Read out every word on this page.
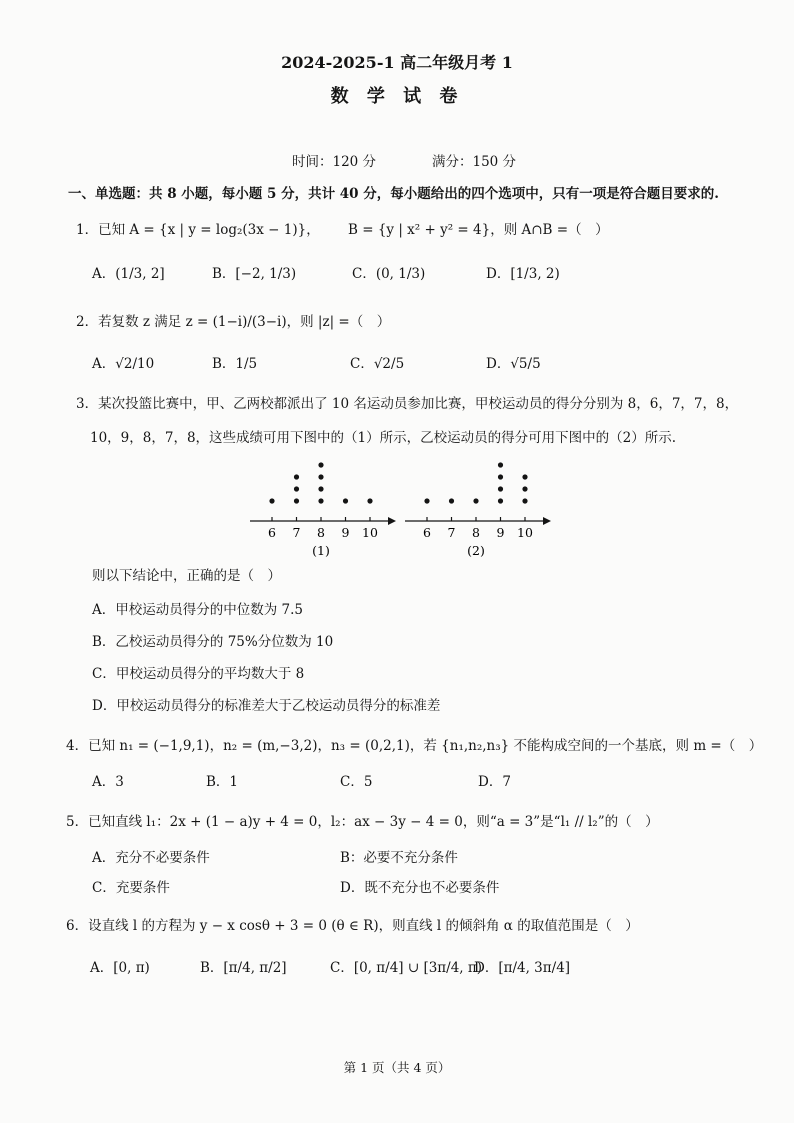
2024-2025-1 高二年级月考 1
数 学 试 卷
时间：120 分	满分：150 分
一、单选题：共 8 小题，每小题 5 分，共计 40 分，每小题给出的四个选项中，只有一项是符合题目要求的.
1．已知 A = {x | y = log₂(3x − 1)}， B = {y | x² + y² = 4}，则 A∩B =（　）
A．(1/3, 2]	B．[−2, 1/3)	C．(0, 1/3)	D．[1/3, 2)
2．若复数 z 满足 z = (1−i)/(3−i)，则 |z| =（　）
A．√2/10	B．1/5	C．√2/5	D．√5/5
3．某次投篮比赛中，甲、乙两校都派出了 10 名运动员参加比赛，甲校运动员的得分分别为 8，6，7，7，8，
10，9，8，7，8，这些成绩可用下图中的（1）所示，乙校运动员的得分可用下图中的（2）所示.
6 7 8 9 10
(1)
6 7 8 9 10
(2)
则以下结论中，正确的是（　）
A．甲校运动员得分的中位数为 7.5
B．乙校运动员得分的 75%分位数为 10
C．甲校运动员得分的平均数大于 8
D．甲校运动员得分的标准差大于乙校运动员得分的标准差
4．已知 n₁ = (−1,9,1)，n₂ = (m,−3,2)，n₃ = (0,2,1)，若 {n₁,n₂,n₃} 不能构成空间的一个基底，则 m =（　）
A．3	B．1	C．5	D．7
5．已知直线 l₁：2x + (1 − a)y + 4 = 0，l₂：ax − 3y − 4 = 0，则“a = 3”是“l₁ // l₂”的（　）
A．充分不必要条件	B：必要不充分条件
C．充要条件	D．既不充分也不必要条件
6．设直线 l 的方程为 y − x cosθ + 3 = 0 (θ ∈ R)，则直线 l 的倾斜角 α 的取值范围是（　）
A．[0, π)	B．[π/4, π/2]	C．[0, π/4] ∪ [3π/4, π)
D．[π/4, 3π/4]
第 1 页（共 4 页）
